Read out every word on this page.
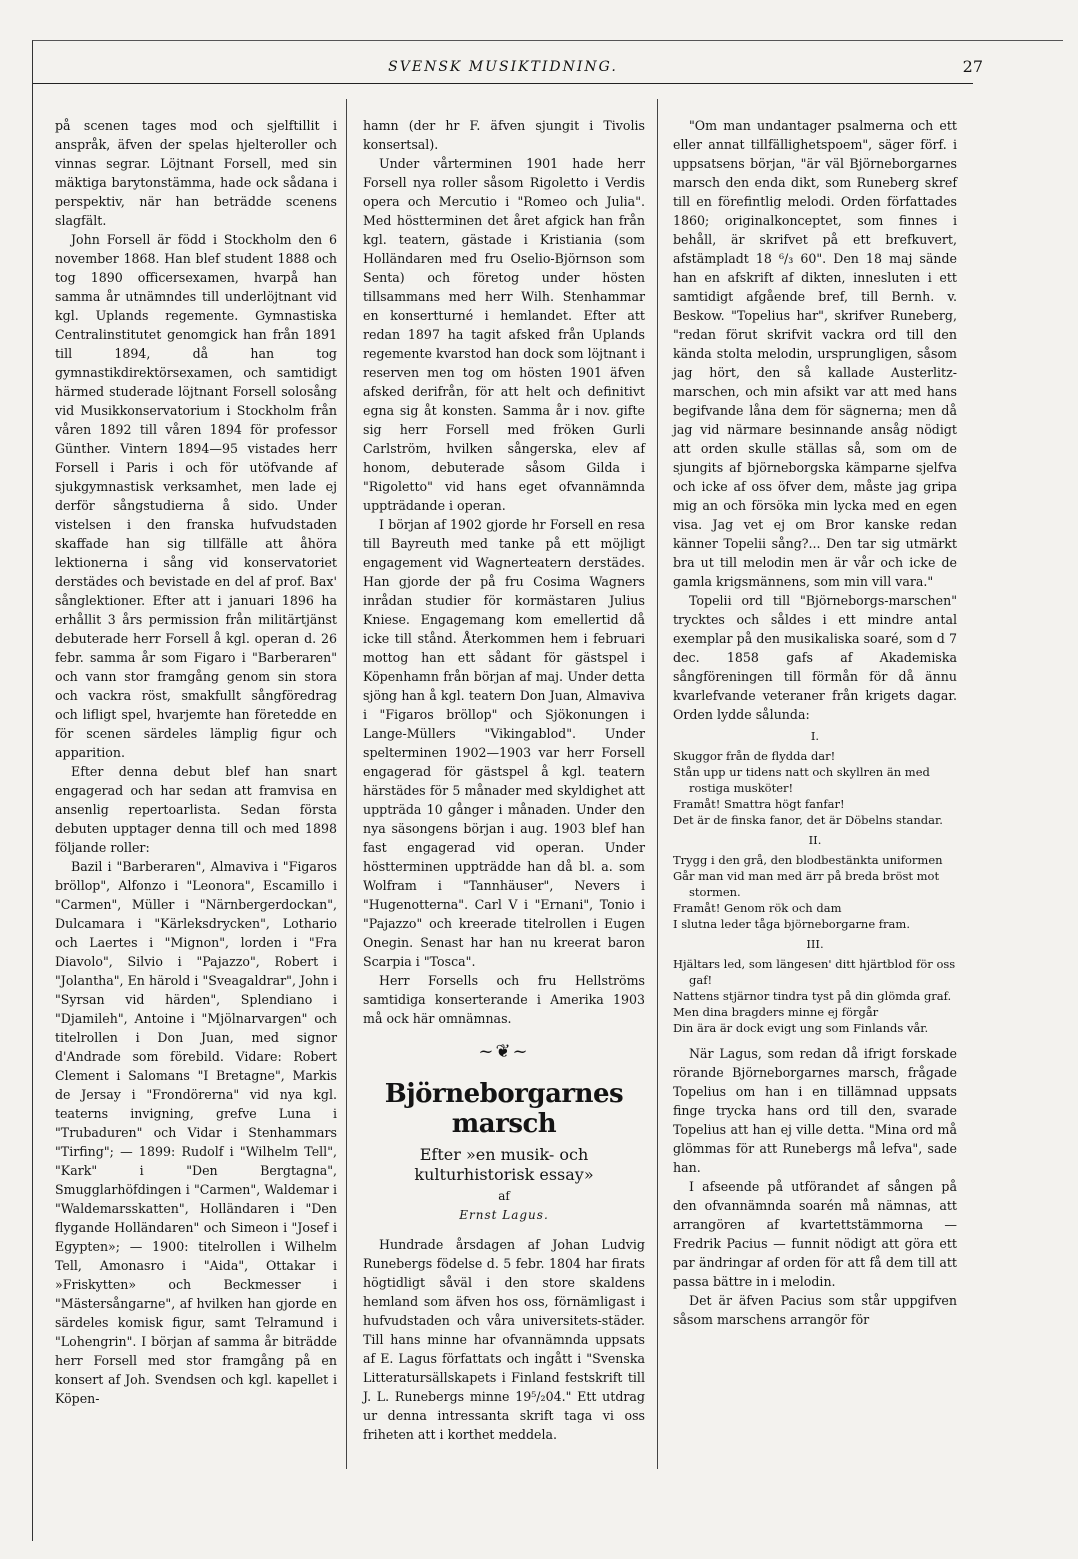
SVENSK MUSIKTIDNING.	27

på scenen tages mod och sjelftillit i anspråk, äfven der spelas hjelteroller och vinnas segrar. Löjtnant Forsell, med sin mäktiga barytonstämma, hade ock sådana i perspektiv, när han beträdde scenens slagfält.

John Forsell är född i Stockholm den 6 november 1868. Han blef student 1888 och tog 1890 officersexamen, hvarpå han samma år utnämndes till underlöjtnant vid kgl. Uplands regemente. Gymnastiska Centralinstitutet genomgick han från 1891 till 1894, då han tog gymnastikdirektörsexamen, och samtidigt härmed studerade löjtnant Forsell solosång vid Musikkonservatorium i Stockholm från våren 1892 till våren 1894 för professor Günther. Vintern 1894—95 vistades herr Forsell i Paris i och för utöfvande af sjukgymnastisk verksamhet, men lade ej derför sångstudierna å sido. Under vistelsen i den franska hufvudstaden skaffade han sig tillfälle att åhöra lektionerna i sång vid konservatoriet derstädes och bevistade en del af prof. Bax' sånglektioner. Efter att i januari 1896 ha erhållit 3 års permission från militärtjänst debuterade herr Forsell å kgl. operan d. 26 febr. samma år som Figaro i "Barberaren" och vann stor framgång genom sin stora och vackra röst, smakfullt sångföredrag och lifligt spel, hvarjemte han företedde en för scenen särdeles lämplig figur och apparition.

Efter denna debut blef han snart engagerad och har sedan att framvisa en ansenlig repertoarlista. Sedan första debuten upptager denna till och med 1898 följande roller:

Bazil i "Barberaren", Almaviva i "Figaros bröllop", Alfonzo i "Leonora", Escamillo i "Carmen", Müller i "Närnbergerdockan", Dulcamara i "Kärleksdrycken", Lothario och Laertes i "Mignon", lorden i "Fra Diavolo", Silvio i "Pajazzo", Robert i "Jolantha", En härold i "Sveagaldrar", John i "Syrsan vid härden", Splendiano i "Djamileh", Antoine i "Mjölnarvargen" och titelrollen i Don Juan, med signor d'Andrade som förebild. Vidare: Robert Clement i Salomans "I Bretagne", Markis de Jersay i "Frondörerna" vid nya kgl. teaterns invigning, grefve Luna i "Trubaduren" och Vidar i Stenhammars "Tirfing"; — 1899: Rudolf i "Wilhelm Tell", "Kark" i "Den Bergtagna", Smugglarhöfdingen i "Carmen", Waldemar i "Waldemarsskatten", Holländaren i "Den flygande Holländaren" och Simeon i "Josef i Egypten»; — 1900: titelrollen i Wilhelm Tell, Amonasro i "Aida", Ottakar i »Friskytten» och Beckmesser i "Mästersångarne", af hvilken han gjorde en särdeles komisk figur, samt Telramund i "Lohengrin". I början af samma år biträdde herr Forsell med stor framgång på en konsert af Joh. Svendsen och kgl. kapellet i Köpen-

hamn (der hr F. äfven sjungit i Tivolis konsertsal).

Under vårterminen 1901 hade herr Forsell nya roller såsom Rigoletto i Verdis opera och Mercutio i "Romeo och Julia". Med höstterminen det året afgick han från kgl. teatern, gästade i Kristiania (som Holländaren med fru Oselio-Björnson som Senta) och företog under hösten tillsammans med herr Wilh. Stenhammar en konsertturné i hemlandet. Efter att redan 1897 ha tagit afsked från Uplands regemente kvarstod han dock som löjtnant i reserven men tog om hösten 1901 äfven afsked derifrån, för att helt och definitivt egna sig åt konsten. Samma år i nov. gifte sig herr Forsell med fröken Gurli Carlström, hvilken sångerska, elev af honom, debuterade såsom Gilda i "Rigoletto" vid hans eget ofvannämnda uppträdande i operan.

I början af 1902 gjorde hr Forsell en resa till Bayreuth med tanke på ett möjligt engagement vid Wagnerteatern derstädes. Han gjorde der på fru Cosima Wagners inrådan studier för kormästaren Julius Kniese. Engagemang kom emellertid då icke till stånd. Återkommen hem i februari mottog han ett sådant för gästspel i Köpenhamn från början af maj. Under detta sjöng han å kgl. teatern Don Juan, Almaviva i "Figaros bröllop" och Sjökonungen i Lange-Müllers "Vikingablod". Under spelterminen 1902—1903 var herr Forsell engagerad för gästspel å kgl. teatern härstädes för 5 månader med skyldighet att uppträda 10 gånger i månaden. Under den nya säsongens början i aug. 1903 blef han fast engagerad vid operan. Under höstterminen uppträdde han då bl. a. som Wolfram i "Tannhäuser", Nevers i "Hugenotterna". Carl V i "Ernani", Tonio i "Pajazzo" och kreerade titelrollen i Eugen Onegin. Senast har han nu kreerat baron Scarpia i "Tosca".

Herr Forsells och fru Hellströms samtidiga konserterande i Amerika 1903 må ock här omnämnas.

~❦~
Björneborgarnes marsch
Efter »en musik- och kulturhistorisk essay»
af
Ernst Lagus.

Hundrade årsdagen af Johan Ludvig Runebergs födelse d. 5 febr. 1804 har firats högtidligt såväl i den store skaldens hemland som äfven hos oss, förnämligast i hufvudstaden och våra universitets-städer. Till hans minne har ofvannämnda uppsats af E. Lagus författats och ingått i "Svenska Litteratursällskapets i Finland festskrift till J. L. Runebergs minne 19⁵/₂04." Ett utdrag ur denna intressanta skrift taga vi oss friheten att i korthet meddela.

"Om man undantager psalmerna och ett eller annat tillfällighetspoem", säger förf. i uppsatsens början, "är väl Björneborgarnes marsch den enda dikt, som Runeberg skref till en förefintlig melodi. Orden författades 1860; originalkonceptet, som finnes i behåll, är skrifvet på ett brefkuvert, afstämpladt 18 ⁶/₃ 60". Den 18 maj sände han en afskrift af dikten, innesluten i ett samtidigt afgående bref, till Bernh. v. Beskow. "Topelius har", skrifver Runeberg, "redan förut skrifvit vackra ord till den kända stolta melodin, ursprungligen, såsom jag hört, den så kallade Austerlitz-marschen, och min afsikt var att med hans begifvande låna dem för sägnerna; men då jag vid närmare besinnande ansåg nödigt att orden skulle ställas så, som om de sjungits af björneborgska kämparne sjelfva och icke af oss öfver dem, måste jag gripa mig an och försöka min lycka med en egen visa. Jag vet ej om Bror kanske redan känner Topelii sång?... Den tar sig utmärkt bra ut till melodin men är vår och icke de gamla krigsmännens, som min vill vara."

Topelii ord till "Björneborgs-marschen" trycktes och såldes i ett mindre antal exemplar på den musikaliska soaré, som d 7 dec. 1858 gafs af Akademiska sångföreningen till förmån för då ännu kvarlefvande veteraner från krigets dagar. Orden lydde sålunda:

I.
Skuggor från de flydda dar!
Stån upp ur tidens natt och skyllren än med rostiga musköter!
Framåt! Smattra högt fanfar!
Det är de finska fanor, det är Döbelns standar.
II.
Trygg i den grå, den blodbestänkta uniformen
Går man vid man med ärr på breda bröst mot stormen.
Framåt! Genom rök och dam
I slutna leder tåga björneborgarne fram.
III.
Hjältars led, som längesen' ditt hjärtblod för oss gaf!
Nattens stjärnor tindra tyst på din glömda graf.
Men dina bragders minne ej förgår
Din ära är dock evigt ung som Finlands vår.

När Lagus, som redan då ifrigt forskade rörande Björneborgarnes marsch, frågade Topelius om han i en tillämnad uppsats finge trycka hans ord till den, svarade Topelius att han ej ville detta. "Mina ord må glömmas för att Runebergs må lefva", sade han.

I afseende på utförandet af sången på den ofvannämnda soarén må nämnas, att arrangören af kvartettstämmorna — Fredrik Pacius — funnit nödigt att göra ett par ändringar af orden för att få dem till att passa bättre in i melodin.

Det är äfven Pacius som står uppgifven såsom marschens arrangör för
